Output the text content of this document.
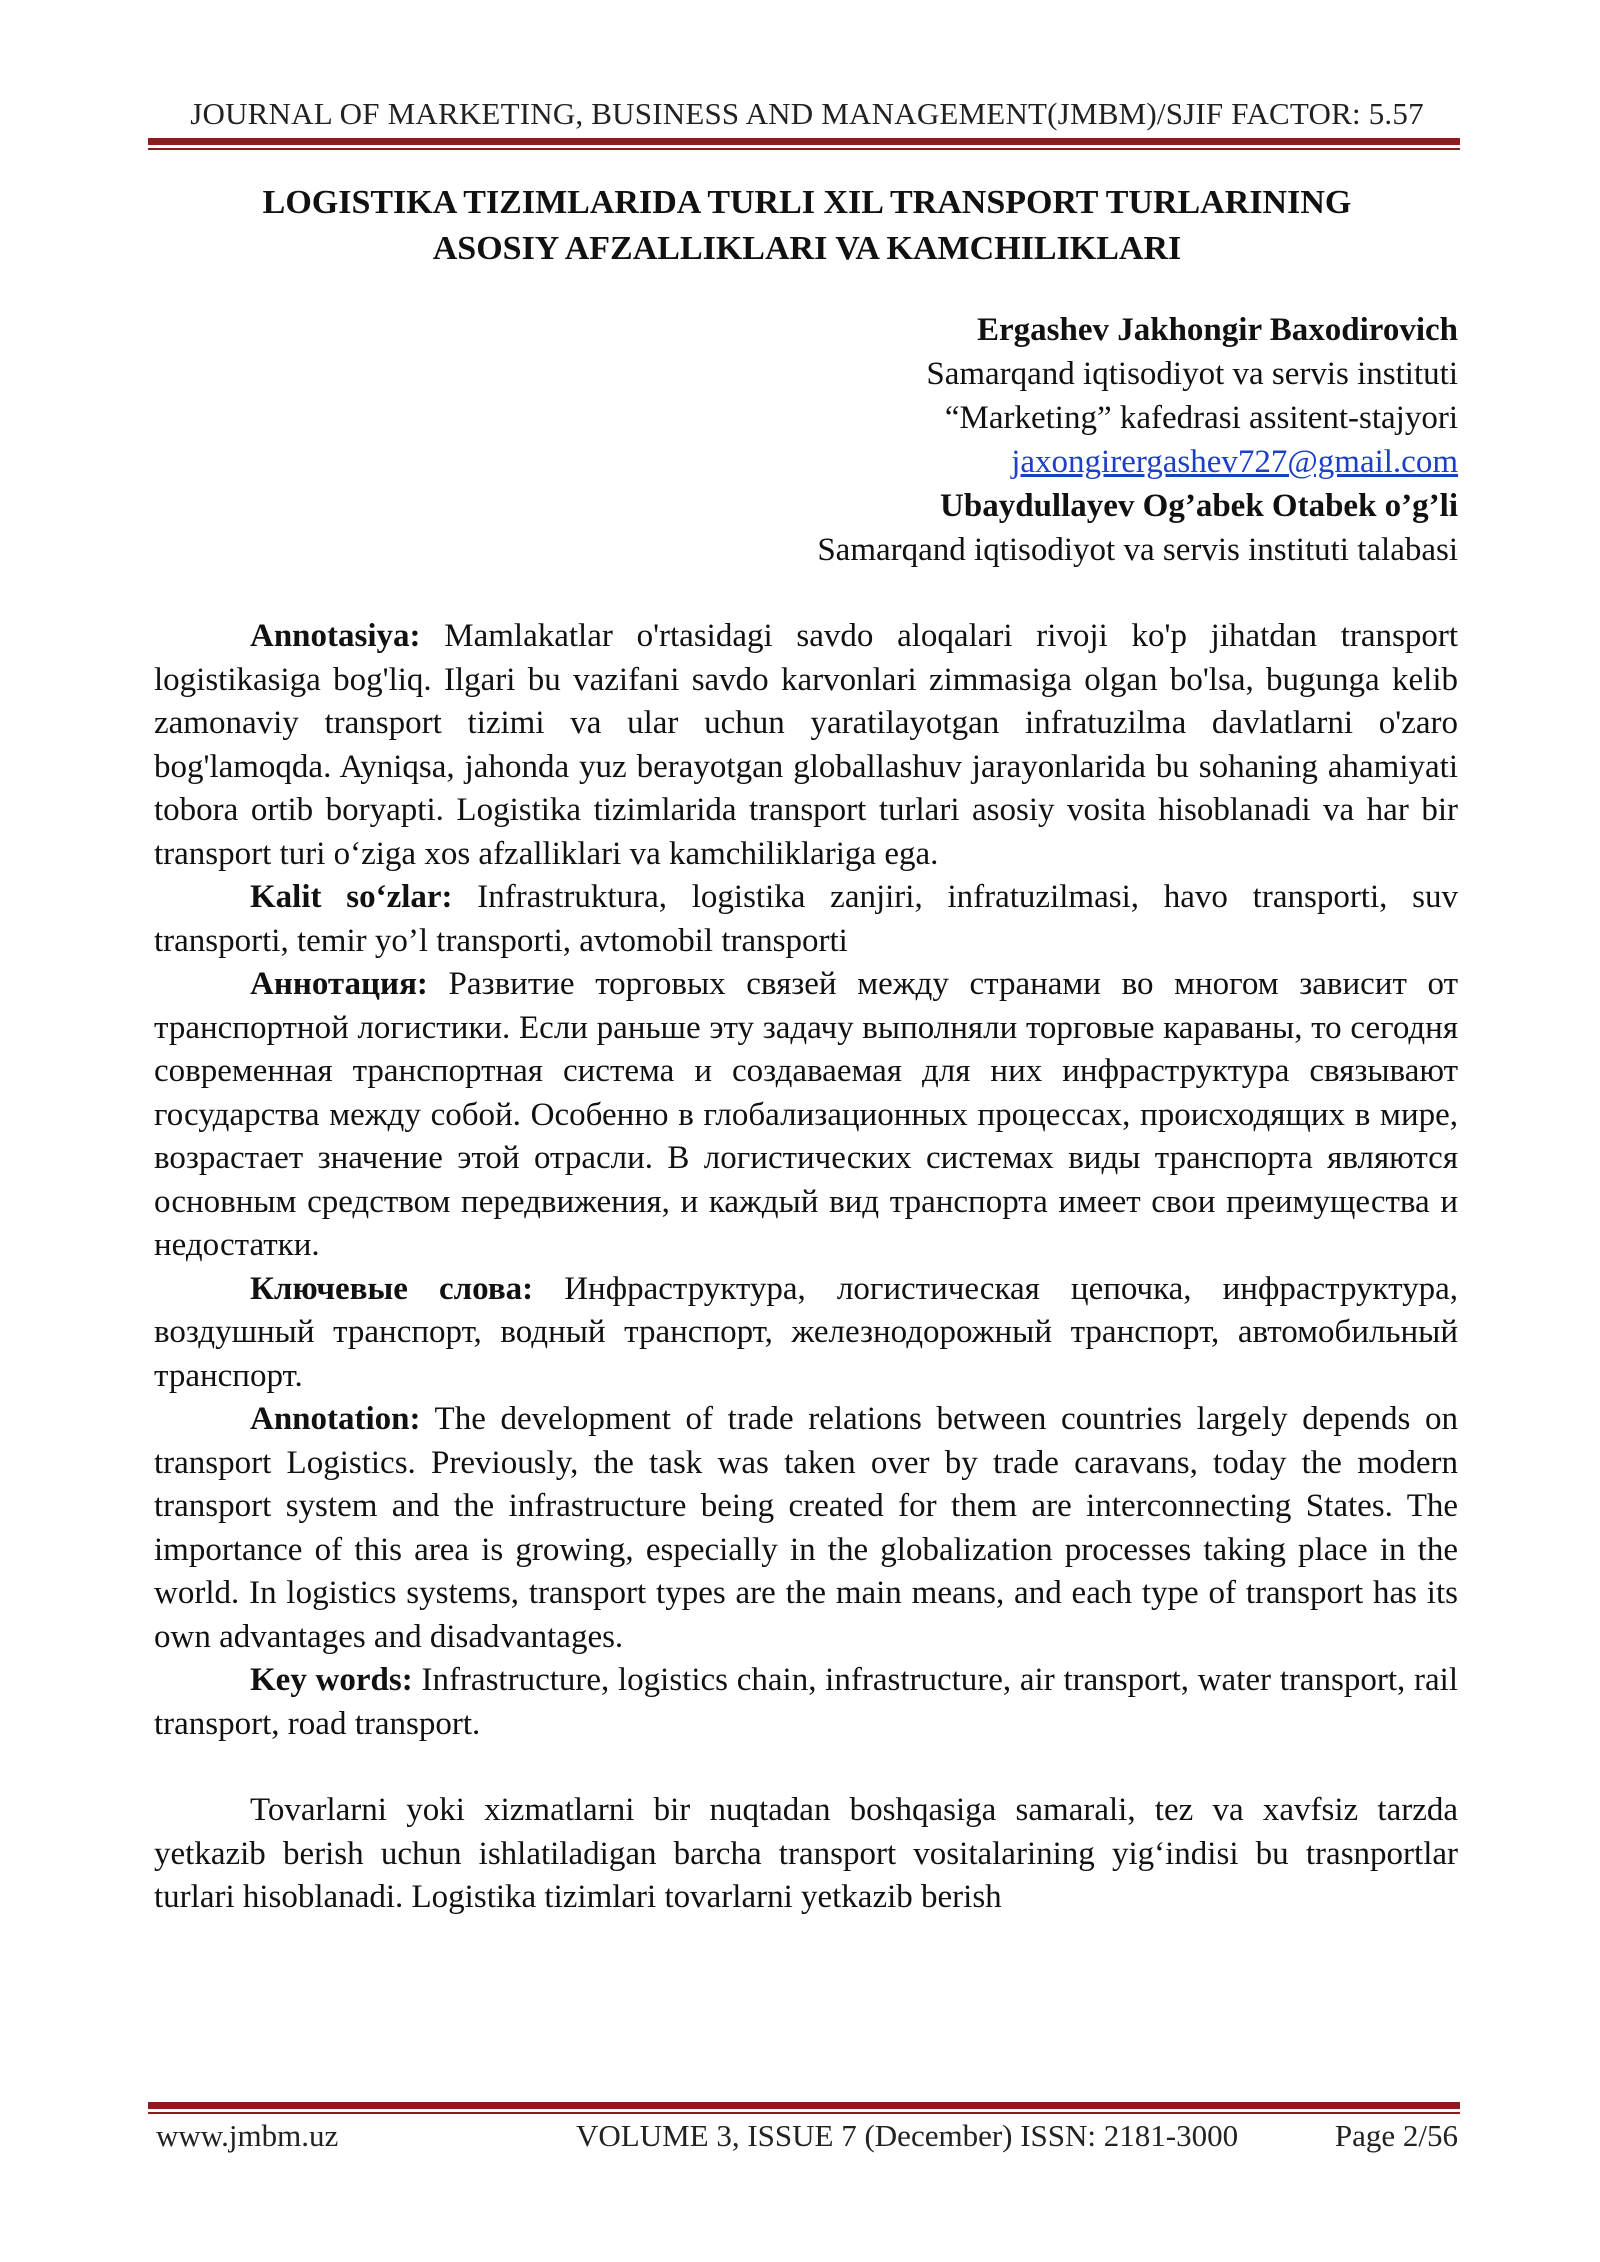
JOURNAL OF MARKETING, BUSINESS AND MANAGEMENT(JMBM)/SJIF FACTOR: 5.57
LOGISTIKA TIZIMLARIDA TURLI XIL TRANSPORT TURLARINING
ASOSIY AFZALLIKLARI VA KAMCHILIKLARI
Ergashev Jakhongir Baxodirovich
Samarqand iqtisodiyot va servis instituti
“Marketing” kafedrasi assitent-stajyori
jaxongirergashev727@gmail.com
Ubaydullayev Og’abek Otabek o’g’li
Samarqand iqtisodiyot va servis instituti talabasi

Annotasiya: Mamlakatlar o'rtasidagi savdo aloqalari rivoji ko'p jihatdan transport logistikasiga bog'liq. Ilgari bu vazifani savdo karvonlari zimmasiga olgan bo'lsa, bugunga kelib zamonaviy transport tizimi va ular uchun yaratilayotgan infratuzilma davlatlarni o'zaro bog'lamoqda. Ayniqsa, jahonda yuz berayotgan globallashuv jarayonlarida bu sohaning ahamiyati tobora ortib boryapti. Logistika tizimlarida transport turlari asosiy vosita hisoblanadi va har bir transport turi o‘ziga xos afzalliklari va kamchiliklariga ega.

Kalit so‘zlar: Infrastruktura, logistika zanjiri, infratuzilmasi, havo transporti, suv transporti, temir yo’l transporti, avtomobil transporti

Аннотация: Развитие торговых связей между странами во многом зависит от транспортной логистики. Если раньше эту задачу выполняли торговые караваны, то сегодня современная транспортная система и создаваемая для них инфраструктура связывают государства между собой. Особенно в глобализационных процессах, происходящих в мире, возрастает значение этой отрасли. В логистических системах виды транспорта являются основным средством передвижения, и каждый вид транспорта имеет свои преимущества и недостатки.

Ключевые слова: Инфраструктура, логистическая цепочка, инфраструктура, воздушный транспорт, водный транспорт, железнодорожный транспорт, автомобильный транспорт.

Annotation: The development of trade relations between countries largely depends on transport Logistics. Previously, the task was taken over by trade caravans, today the modern transport system and the infrastructure being created for them are interconnecting States. The importance of this area is growing, especially in the globalization processes taking place in the world. In logistics systems, transport types are the main means, and each type of transport has its own advantages and disadvantages.

Key words: Infrastructure, logistics chain, infrastructure, air transport, water transport, rail transport, road transport.

Tovarlarni yoki xizmatlarni bir nuqtadan boshqasiga samarali, tez va xavfsiz tarzda yetkazib berish uchun ishlatiladigan barcha transport vositalarining yig‘indisi bu trasnportlar turlari hisoblanadi. Logistika tizimlari tovarlarni yetkazib berish

www.jmbm.uz	VOLUME 3, ISSUE 7 (December) ISSN: 2181-3000	Page 2/56
